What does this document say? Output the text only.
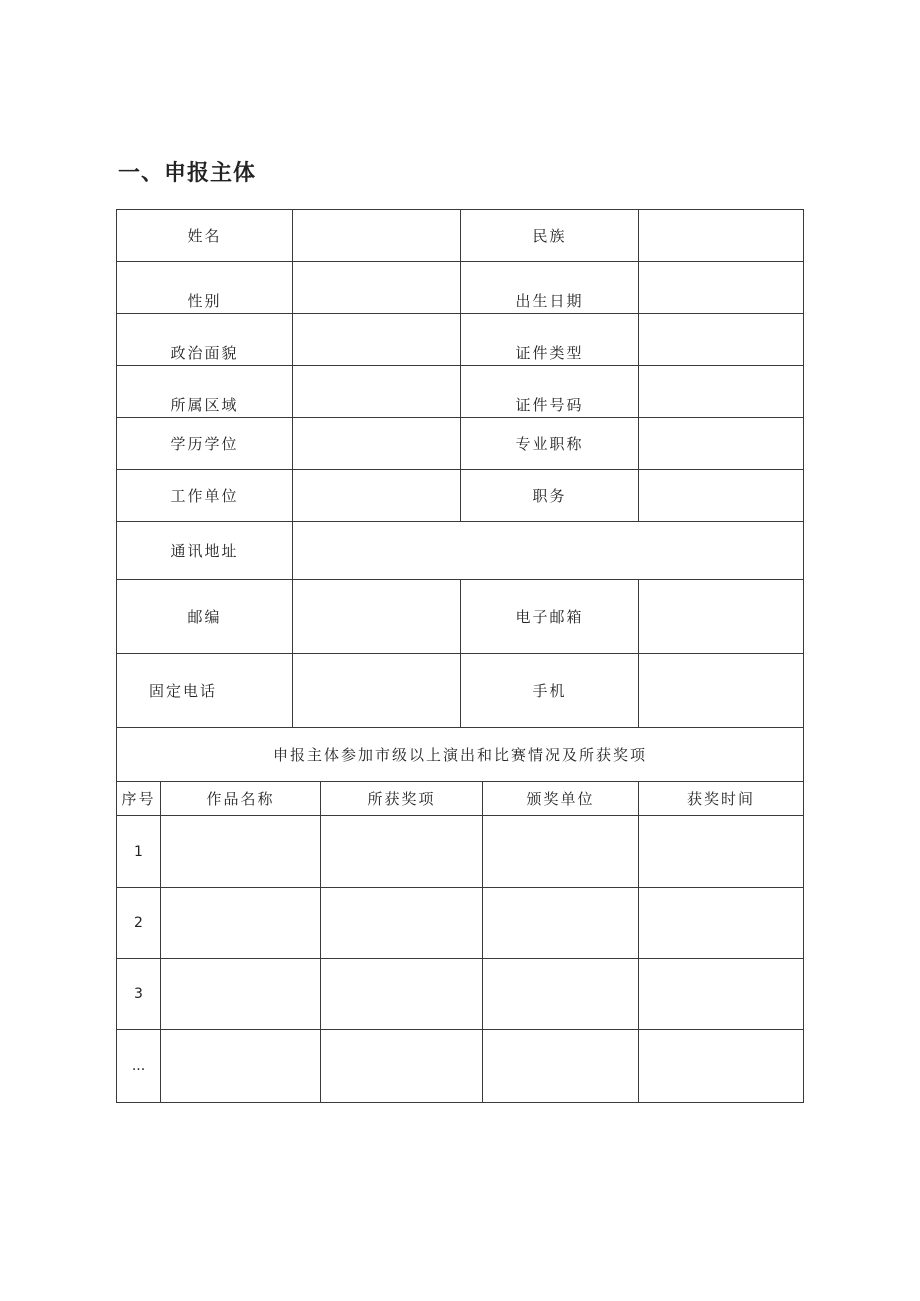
一、申报主体
姓名	民族
性别	出生日期
政治面貌	证件类型
所属区域	证件号码
学历学位	专业职称
工作单位	职务
通讯地址
邮编	电子邮箱
固定电话	手机
申报主体参加市级以上演出和比赛情况及所获奖项
序号	作品名称	所获奖项	颁奖单位	获奖时间
1
2
3
...
